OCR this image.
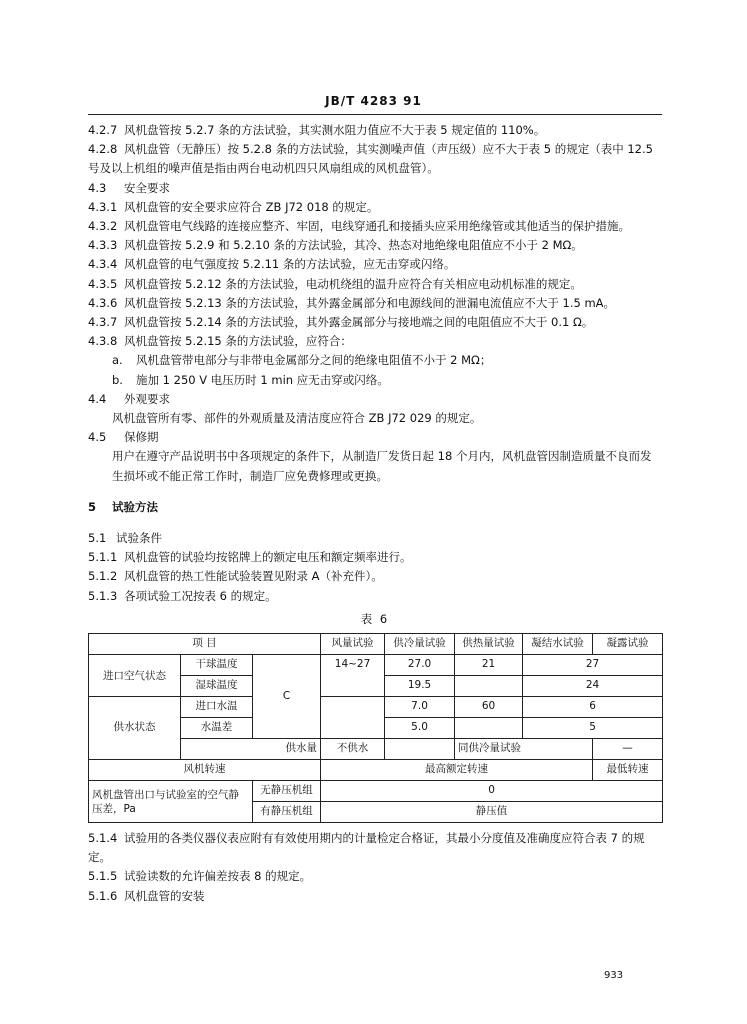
JB/T 4283 91

4.2.7 风机盘管按 5.2.7 条的方法试验，其实测水阻力值应不大于表 5 规定值的 110%。

4.2.8 风机盘管（无静压）按 5.2.8 条的方法试验，其实测噪声值（声压级）应不大于表 5 的规定（表中 12.5号及以上机组的噪声值是指由两台电动机四只风扇组成的风机盘管）。

4.3 安全要求

4.3.1 风机盘管的安全要求应符合 ZB J72 018 的规定。

4.3.2 风机盘管电气线路的连接应整齐、牢固，电线穿通孔和接插头应采用绝缘管或其他适当的保护措施。

4.3.3 风机盘管按 5.2.9 和 5.2.10 条的方法试验，其冷、热态对地绝缘电阻值应不小于 2 MΩ。

4.3.4 风机盘管的电气强度按 5.2.11 条的方法试验，应无击穿或闪络。

4.3.5 风机盘管按 5.2.12 条的方法试验，电动机绕组的温升应符合有关相应电动机标准的规定。

4.3.6 风机盘管按 5.2.13 条的方法试验，其外露金属部分和电源线间的泄漏电流值应不大于 1.5 mA。

4.3.7 风机盘管按 5.2.14 条的方法试验，其外露金属部分与接地端之间的电阻值应不大于 0.1 Ω。

4.3.8 风机盘管按 5.2.15 条的方法试验，应符合：

a. 风机盘管带电部分与非带电金属部分之间的绝缘电阻值不小于 2 MΩ；

b. 施加 1 250 V 电压历时 1 min 应无击穿或闪络。

4.4 外观要求

风机盘管所有零、部件的外观质量及清洁度应符合 ZB J72 029 的规定。

4.5 保修期

用户在遵守产品说明书中各项规定的条件下，从制造厂发货日起 18 个月内，风机盘管因制造质量不良而发生损坏或不能正常工作时，制造厂应免费修理或更换。

5 试验方法

5.1 试验条件

5.1.1 风机盘管的试验均按铭牌上的额定电压和额定频率进行。

5.1.2 风机盘管的热工性能试验装置见附录 A（补充件）。

5.1.3 各项试验工况按表 6 的规定。

表 6

项 目			风量试验	供冷量试验	供热量试验	凝结水试验	凝露试验
进口空气状态	干球温度	C	14~27	27.0	21	27	
	湿球温度			19.5		24	
供水状态	进口水温			7.0	60	6	
	水温差			5.0		5	
	供水量		不供水		同供冷量试验		—
风机转速			最高额定转速				最低转速
风机盘管出口与试验室的空气静压差，Pa		无静压机组	0				
		有静压机组	静压值				

5.1.4 试验用的各类仪器仪表应附有有效使用期内的计量检定合格证，其最小分度值及准确度应符合表 7 的规定。

5.1.5 试验读数的允许偏差按表 8 的规定。

5.1.6 风机盘管的安装

933
